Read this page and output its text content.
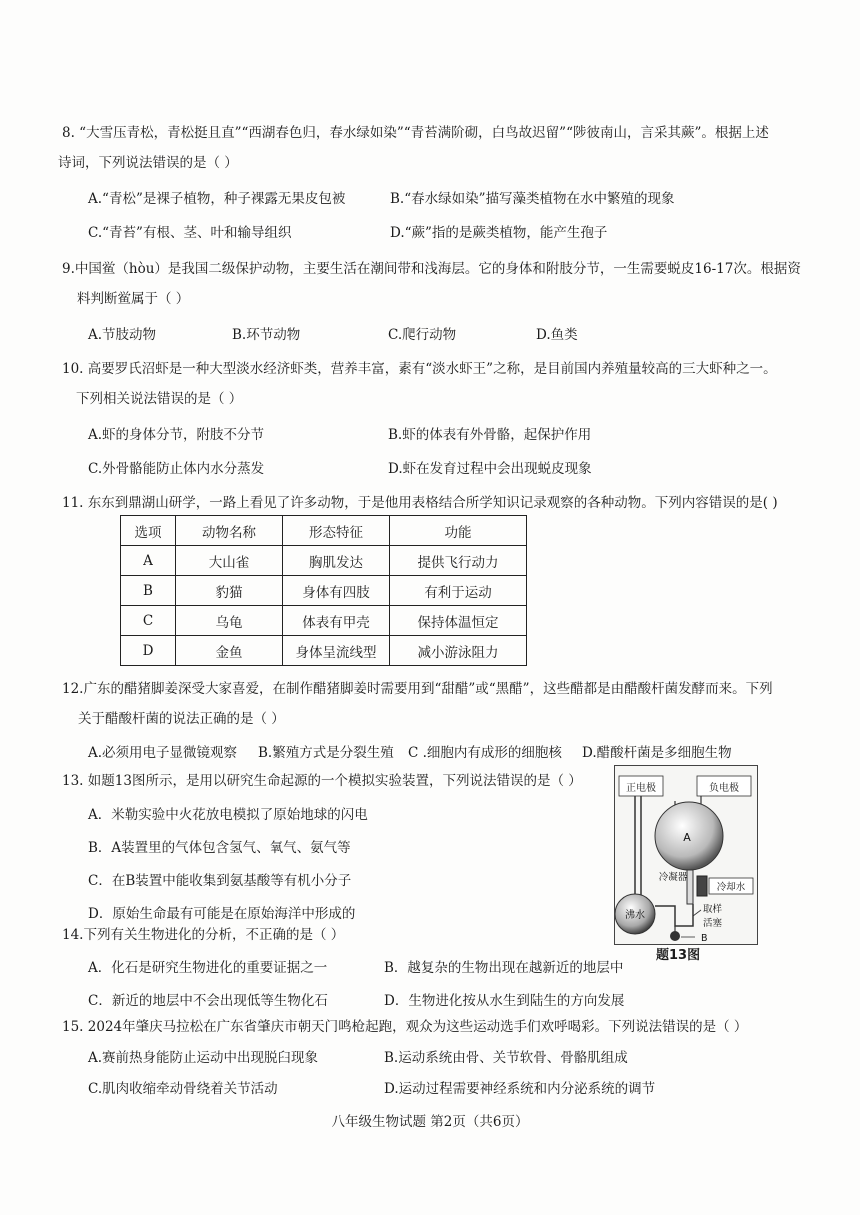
8. “大雪压青松，青松挺且直”“西湖春色归，春水绿如染”“青苔满阶砌，白鸟故迟留”“陟彼南山，言采其蕨”。根据上述
诗词，下列说法错误的是（ ）
A.“青松”是裸子植物，种子裸露无果皮包被	B.“春水绿如染”描写藻类植物在水中繁殖的现象
C.“青苔”有根、茎、叶和输导组织	D.“蕨”指的是蕨类植物，能产生孢子
9.中国鲎（hòu）是我国二级保护动物，主要生活在潮间带和浅海层。它的身体和附肢分节，一生需要蜕皮16-17次。根据资
料判断鲎属于（ ）
A.节肢动物	B.环节动物	C.爬行动物	D.鱼类
10. 高要罗氏沼虾是一种大型淡水经济虾类，营养丰富，素有“淡水虾王”之称，是目前国内养殖量较高的三大虾种之一。
下列相关说法错误的是（ ）
A.虾的身体分节，附肢不分节	B.虾的体表有外骨骼，起保护作用
C.外骨骼能防止体内水分蒸发	D.虾在发育过程中会出现蜕皮现象
11. 东东到鼎湖山研学，一路上看见了许多动物，于是他用表格结合所学知识记录观察的各种动物。下列内容错误的是( )
选项	动物名称	形态特征	功能
A	大山雀	胸肌发达	提供飞行动力
B	豹猫	身体有四肢	有利于运动
C	乌龟	体表有甲壳	保持体温恒定
D	金鱼	身体呈流线型	减小游泳阻力
12.广东的醋猪脚姜深受大家喜爱，在制作醋猪脚姜时需要用到“甜醋”或“黑醋”，这些醋都是由醋酸杆菌发酵而来。下列
关于醋酸杆菌的说法正确的是（ ）
A.必须用电子显微镜观察 B.繁殖方式是分裂生殖 C .细胞内有成形的细胞核 D.醋酸杆菌是多细胞生物
13. 如题13图所示，是用以研究生命起源的一个模拟实验装置，下列说法错误的是（ ）
A．米勒实验中火花放电模拟了原始地球的闪电
B．A装置里的气体包含氢气、氧气、氨气等
C．在B装置中能收集到氨基酸等有机小分子
D．原始生命最有可能是在原始海洋中形成的
正电极	负电极
A
冷凝器
冷却水
沸水
B
取样
活塞
题13图
14.下列有关生物进化的分析，不正确的是（ ）
A．化石是研究生物进化的重要证据之一	B．越复杂的生物出现在越新近的地层中
C．新近的地层中不会出现低等生物化石	D．生物进化按从水生到陆生的方向发展
15. 2024年肇庆马拉松在广东省肇庆市朝天门鸣枪起跑，观众为这些运动选手们欢呼喝彩。下列说法错误的是（ ）
A.赛前热身能防止运动中出现脱臼现象	B.运动系统由骨、关节软骨、骨骼肌组成
C.肌肉收缩牵动骨绕着关节活动	D.运动过程需要神经系统和内分泌系统的调节
八年级生物试题 第2页（共6页）
